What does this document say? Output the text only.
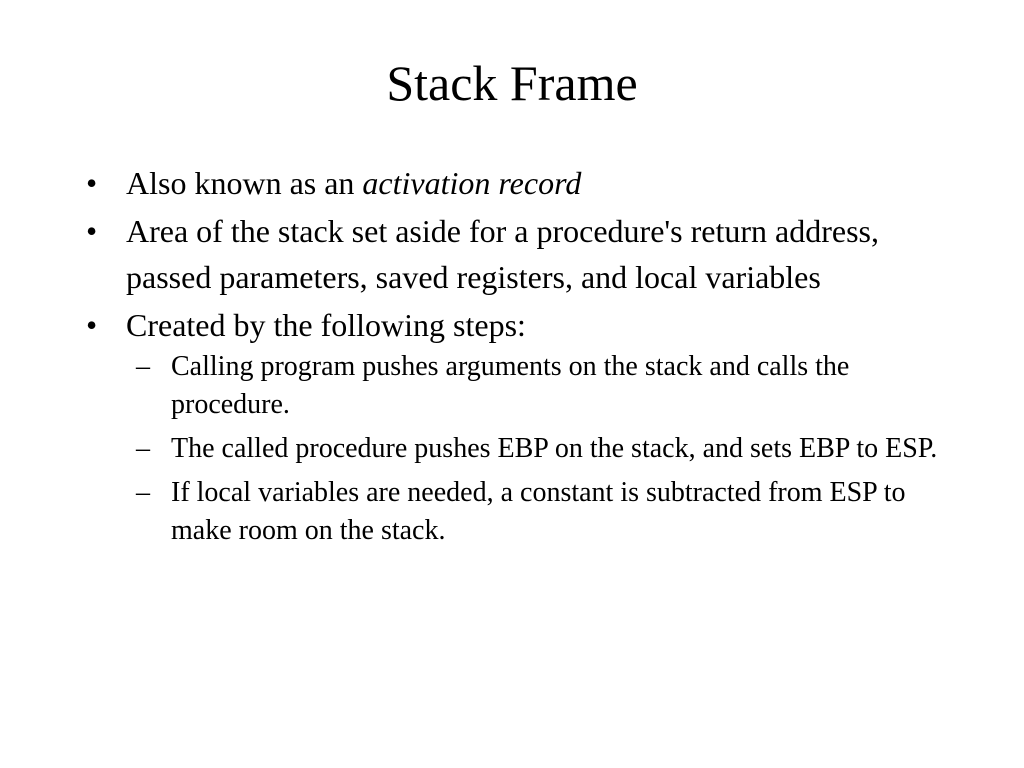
Stack Frame
• Also known as an activation record
• Area of the stack set aside for a procedure's return address, passed parameters, saved registers, and local variables
• Created by the following steps:
– Calling program pushes arguments on the stack and calls the procedure.
– The called procedure pushes EBP on the stack, and sets EBP to ESP.
– If local variables are needed, a constant is subtracted from ESP to make room on the stack.
